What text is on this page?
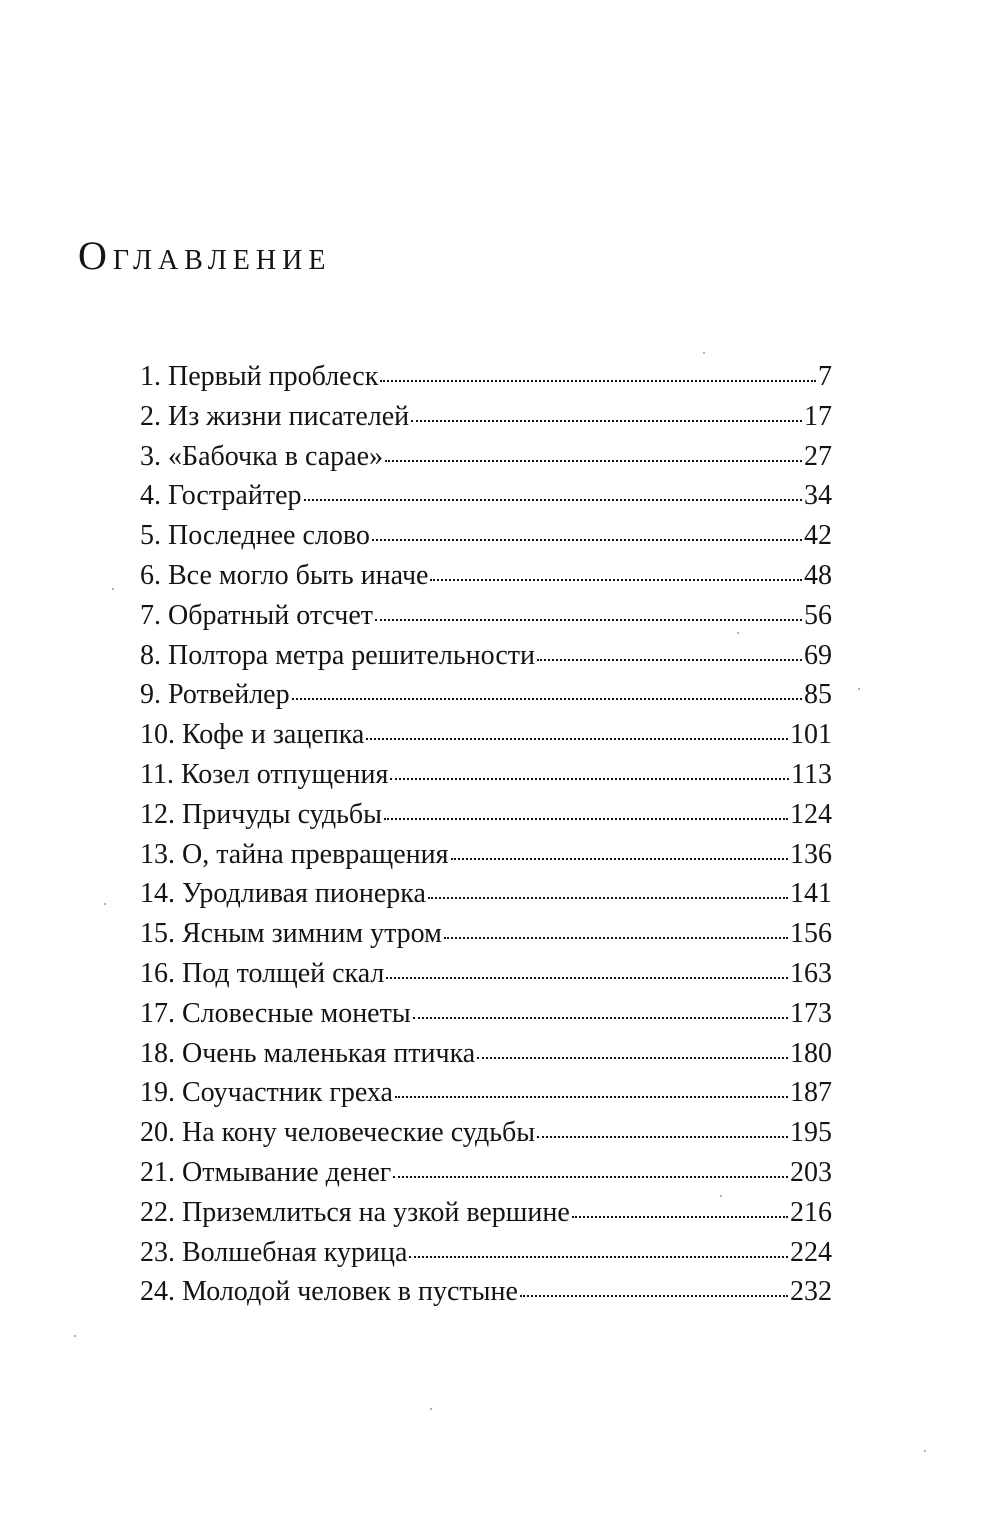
Оглавление
1. Первый проблеск	7
2. Из жизни писателей	17
3. «Бабочка в сарае»	27
4. Гострайтер	34
5. Последнее слово	42
6. Все могло быть иначе	48
7. Обратный отсчет	56
8. Полтора метра решительности	69
9. Ротвейлер	85
10. Кофе и зацепка	101
11. Козел отпущения	113
12. Причуды судьбы	124
13. О, тайна превращения	136
14. Уродливая пионерка	141
15. Ясным зимним утром	156
16. Под толщей скал	163
17. Словесные монеты	173
18. Очень маленькая птичка	180
19. Соучастник греха	187
20. На кону человеческие судьбы	195
21. Отмывание денег	203
22. Приземлиться на узкой вершине	216
23. Волшебная курица	224
24. Молодой человек в пустыне	232
